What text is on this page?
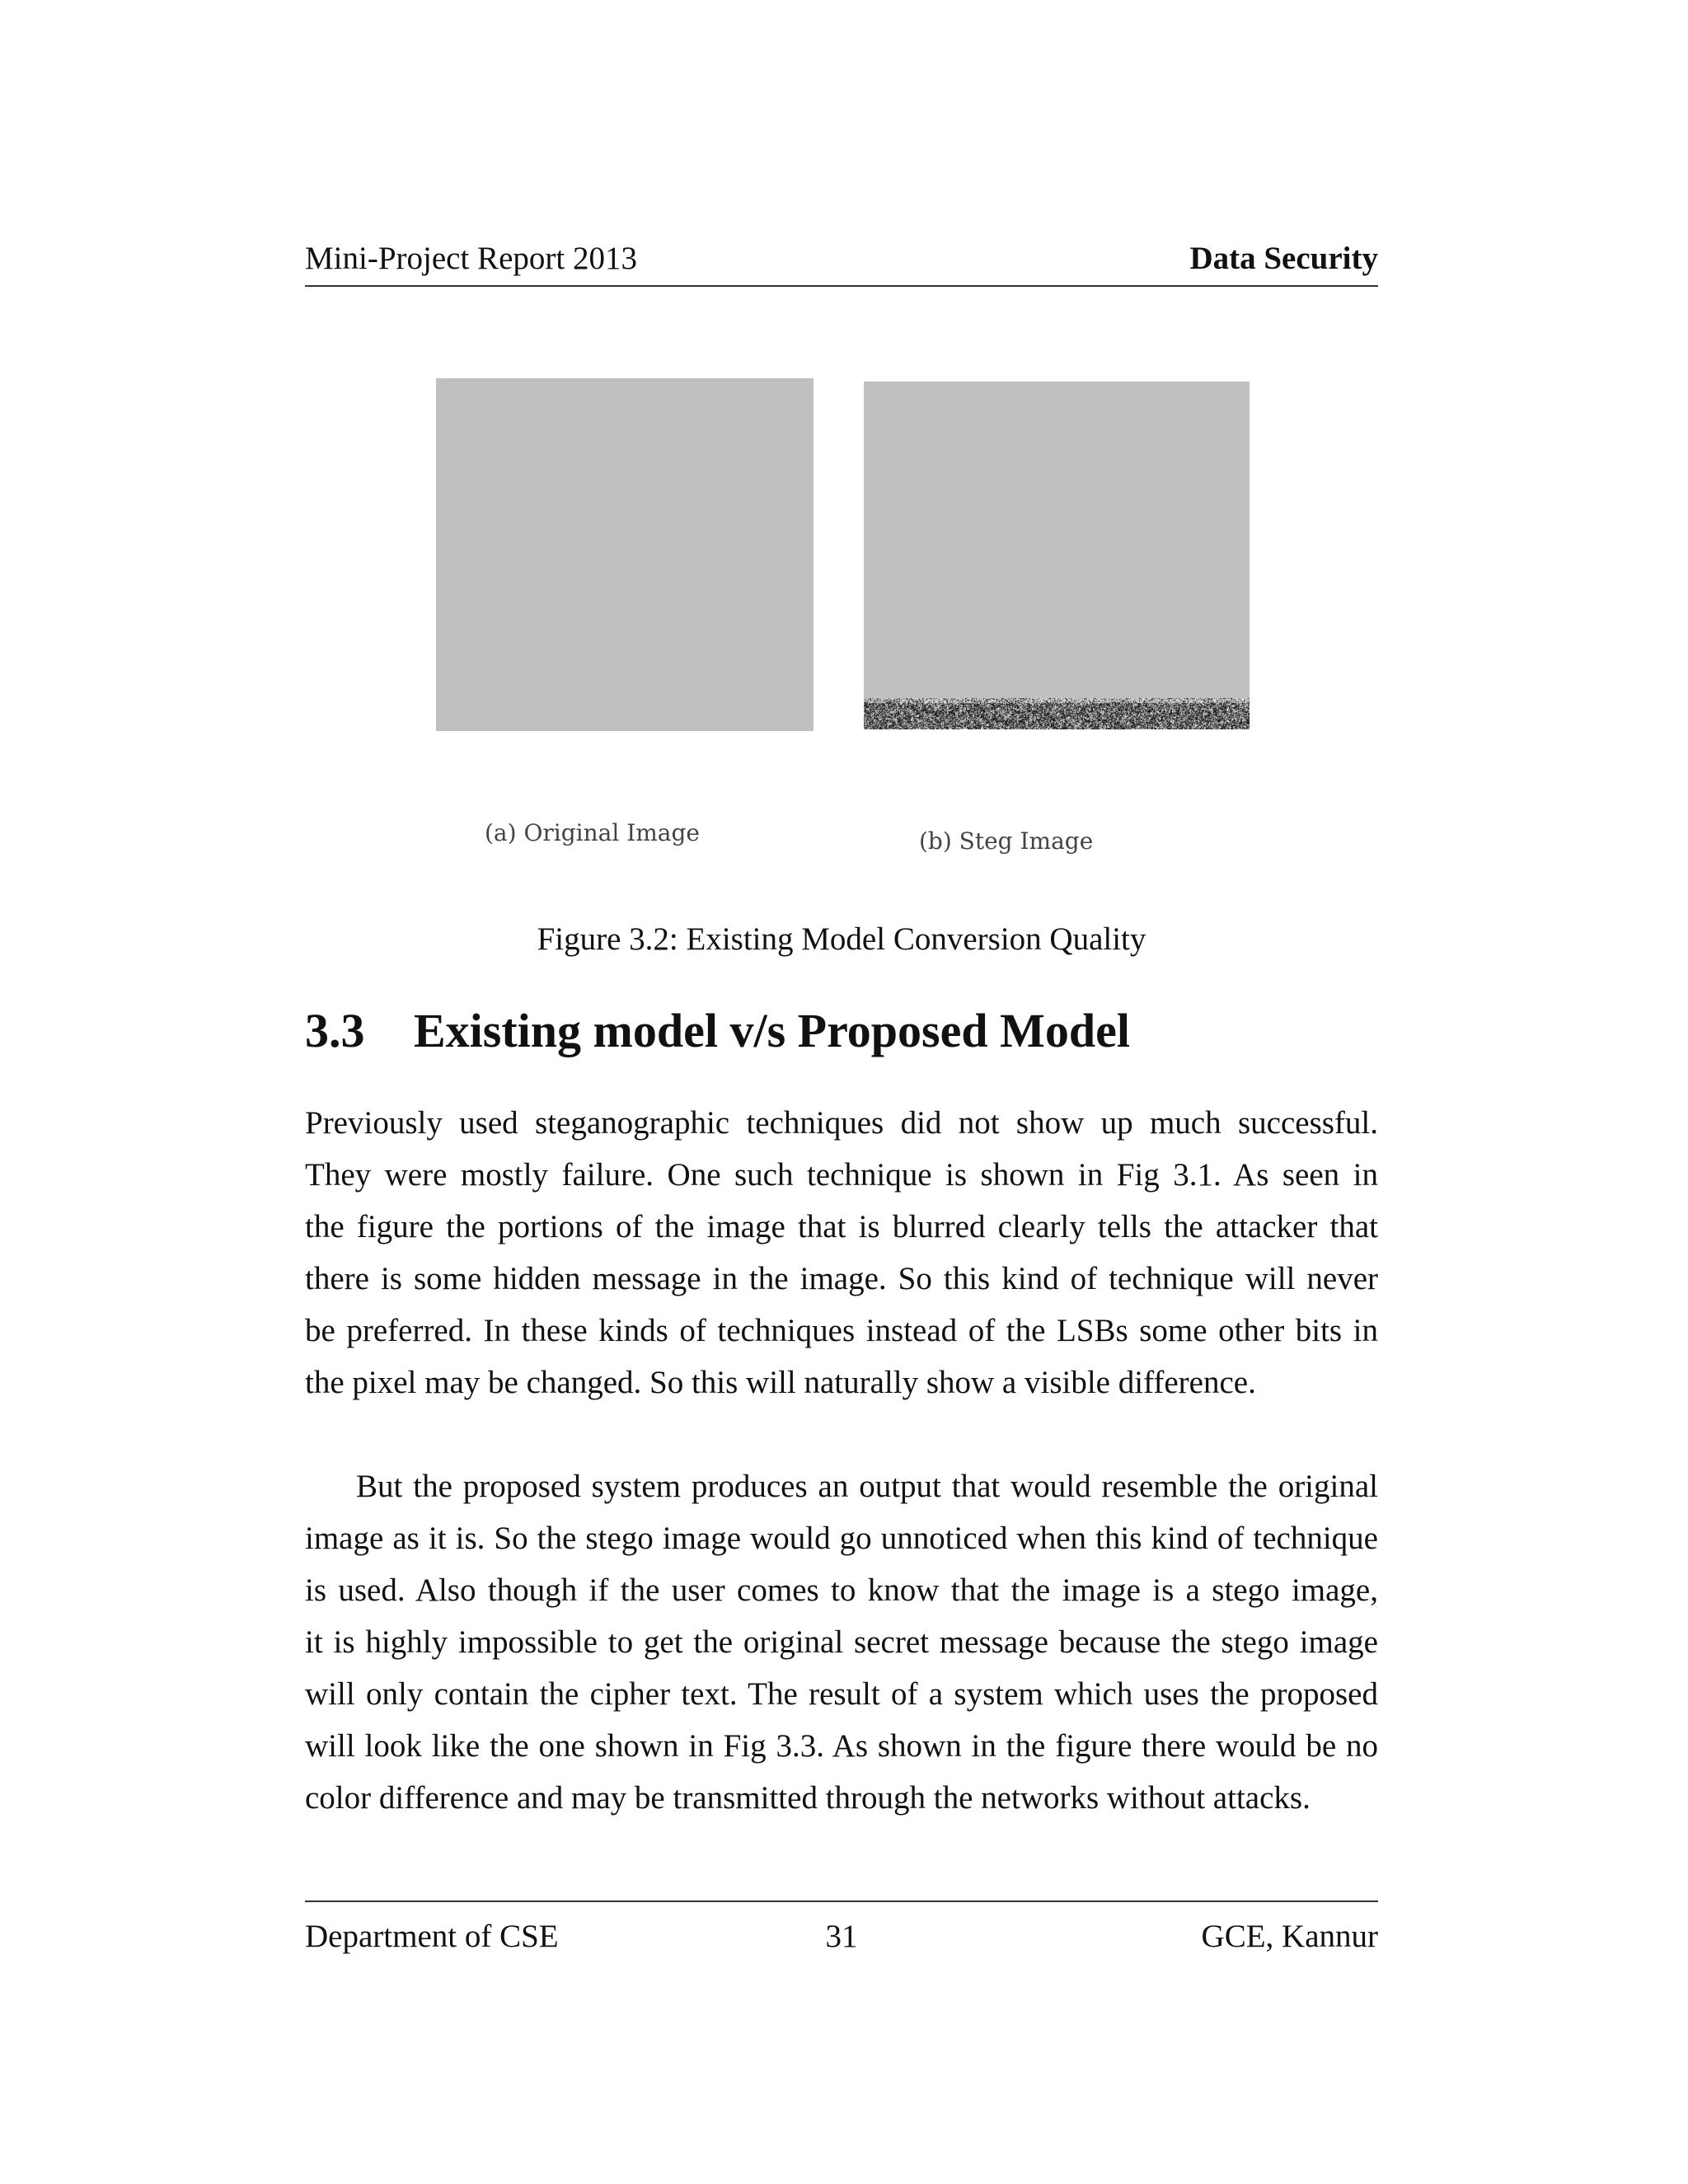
Mini-Project Report 2013	Data Security
(a) Original Image	(b) Steg Image
Figure 3.2: Existing Model Conversion Quality
3.3 Existing model v/s Proposed Model
Previously used steganographic techniques did not show up much successful.
They were mostly failure. One such technique is shown in Fig 3.1. As seen in
the figure the portions of the image that is blurred clearly tells the attacker that
there is some hidden message in the image. So this kind of technique will never
be preferred. In these kinds of techniques instead of the LSBs some other bits in
the pixel may be changed. So this will naturally show a visible difference.
But the proposed system produces an output that would resemble the original
image as it is. So the stego image would go unnoticed when this kind of technique
is used. Also though if the user comes to know that the image is a stego image,
it is highly impossible to get the original secret message because the stego image
will only contain the cipher text. The result of a system which uses the proposed
will look like the one shown in Fig 3.3. As shown in the figure there would be no
color difference and may be transmitted through the networks without attacks.
Department of CSE	31	GCE, Kannur
